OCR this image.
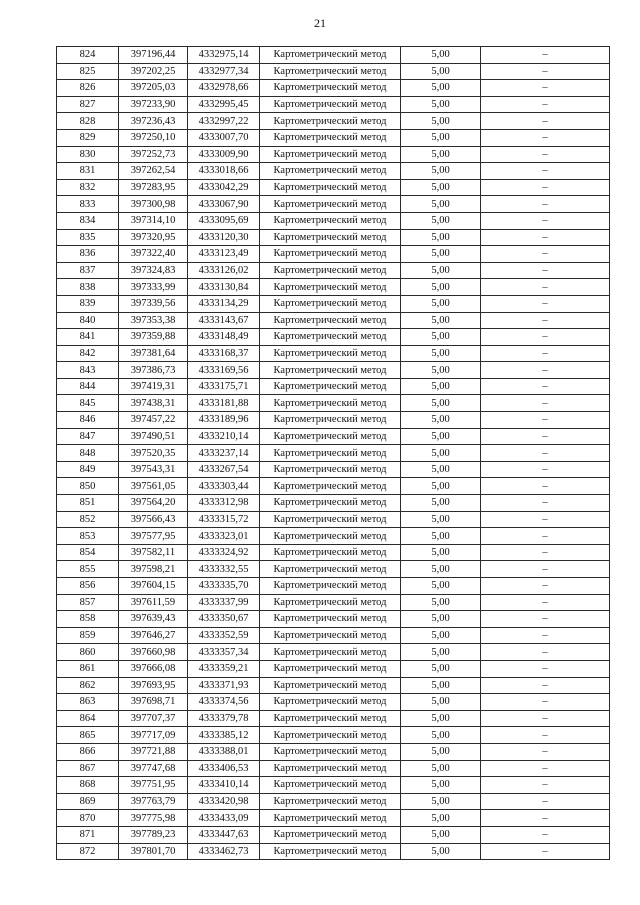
21
824	397196,44	4332975,14	Картометрический метод	5,00	–
825	397202,25	4332977,34	Картометрический метод	5,00	–
826	397205,03	4332978,66	Картометрический метод	5,00	–
827	397233,90	4332995,45	Картометрический метод	5,00	–
828	397236,43	4332997,22	Картометрический метод	5,00	–
829	397250,10	4333007,70	Картометрический метод	5,00	–
830	397252,73	4333009,90	Картометрический метод	5,00	–
831	397262,54	4333018,66	Картометрический метод	5,00	–
832	397283,95	4333042,29	Картометрический метод	5,00	–
833	397300,98	4333067,90	Картометрический метод	5,00	–
834	397314,10	4333095,69	Картометрический метод	5,00	–
835	397320,95	4333120,30	Картометрический метод	5,00	–
836	397322,40	4333123,49	Картометрический метод	5,00	–
837	397324,83	4333126,02	Картометрический метод	5,00	–
838	397333,99	4333130,84	Картометрический метод	5,00	–
839	397339,56	4333134,29	Картометрический метод	5,00	–
840	397353,38	4333143,67	Картометрический метод	5,00	–
841	397359,88	4333148,49	Картометрический метод	5,00	–
842	397381,64	4333168,37	Картометрический метод	5,00	–
843	397386,73	4333169,56	Картометрический метод	5,00	–
844	397419,31	4333175,71	Картометрический метод	5,00	–
845	397438,31	4333181,88	Картометрический метод	5,00	–
846	397457,22	4333189,96	Картометрический метод	5,00	–
847	397490,51	4333210,14	Картометрический метод	5,00	–
848	397520,35	4333237,14	Картометрический метод	5,00	–
849	397543,31	4333267,54	Картометрический метод	5,00	–
850	397561,05	4333303,44	Картометрический метод	5,00	–
851	397564,20	4333312,98	Картометрический метод	5,00	–
852	397566,43	4333315,72	Картометрический метод	5,00	–
853	397577,95	4333323,01	Картометрический метод	5,00	–
854	397582,11	4333324,92	Картометрический метод	5,00	–
855	397598,21	4333332,55	Картометрический метод	5,00	–
856	397604,15	4333335,70	Картометрический метод	5,00	–
857	397611,59	4333337,99	Картометрический метод	5,00	–
858	397639,43	4333350,67	Картометрический метод	5,00	–
859	397646,27	4333352,59	Картометрический метод	5,00	–
860	397660,98	4333357,34	Картометрический метод	5,00	–
861	397666,08	4333359,21	Картометрический метод	5,00	–
862	397693,95	4333371,93	Картометрический метод	5,00	–
863	397698,71	4333374,56	Картометрический метод	5,00	–
864	397707,37	4333379,78	Картометрический метод	5,00	–
865	397717,09	4333385,12	Картометрический метод	5,00	–
866	397721,88	4333388,01	Картометрический метод	5,00	–
867	397747,68	4333406,53	Картометрический метод	5,00	–
868	397751,95	4333410,14	Картометрический метод	5,00	–
869	397763,79	4333420,98	Картометрический метод	5,00	–
870	397775,98	4333433,09	Картометрический метод	5,00	–
871	397789,23	4333447,63	Картометрический метод	5,00	–
872	397801,70	4333462,73	Картометрический метод	5,00	–
